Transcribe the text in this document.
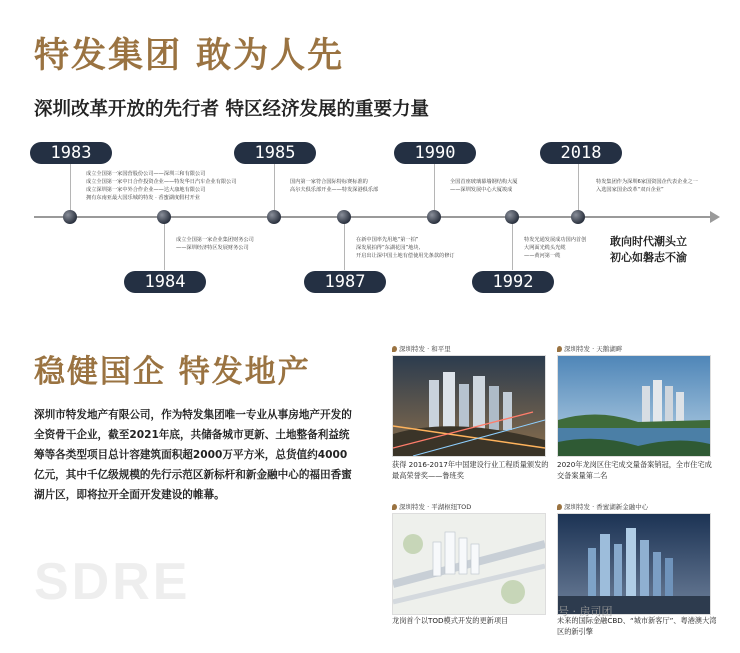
特发集团 敢为人先
深圳改革开放的先行者 特区经济发展的重要力量
1983	1985	1990	2018
1984	1987	1992
成立全国第一家国营股份公司——深圳三和有限公司
成立全国第一家中日合作投资企业——特发华日汽车企业有限公司
成立深圳第一家中外合作企业——达大康地有限公司
拥有东南亚最大国乐城的特发 · 香蜜湖度假村开业
国内第一家符合国际特标赛标准的
高尔夫俱乐部开业——特发深港俱乐部
全国首座玻璃幕墙钢结构大厦
——深圳发展中心大厦竣成
特发集团作为深圳6家国资国企代表企业之一
入选国家国企改革“双百企业”
成立全国第一家企业集团财务公司
——深圳经济特区发展财务公司
在新中国率先用地“第一拍”
深发展拍得“东湖花园”地块,
开启出让深中国土地有偿使用先条款的修订
特发光通发展成功国内首创
大网面光缆头光缆
——黄河第一缆
敢向时代潮头立
初心如磐志不渝
稳健国企 特发地产
深圳市特发地产有限公司，作为特发集团唯一专业从事房地产开发的全资骨干企业，截至2021年底，共储备城市更新、土地整备利益统筹等各类型项目总计容建筑面积超2000万平方米，总货值约4000亿元，其中千亿级规模的先行示范区新标杆和新金融中心的福田香蜜湖片区，即将拉开全面开发建设的帷幕。
SDRE
深圳特发 · 和平里
获得 2016-2017年中国建设行业工程质量颁发的最高荣誉奖——鲁班奖
深圳特发 · 天鹅湖畔
2020年龙岗区住宅成交量备案销冠，全市住宅成交备案量第二名
深圳特发 · 平湖枢纽TOD
龙岗首个以TOD模式开发的更新项目
深圳特发 · 香蜜湖新金融中心
未来的国际金融CBD、“城市新客厅”、粤港澳大湾区的新引擎
号 · 房司团
